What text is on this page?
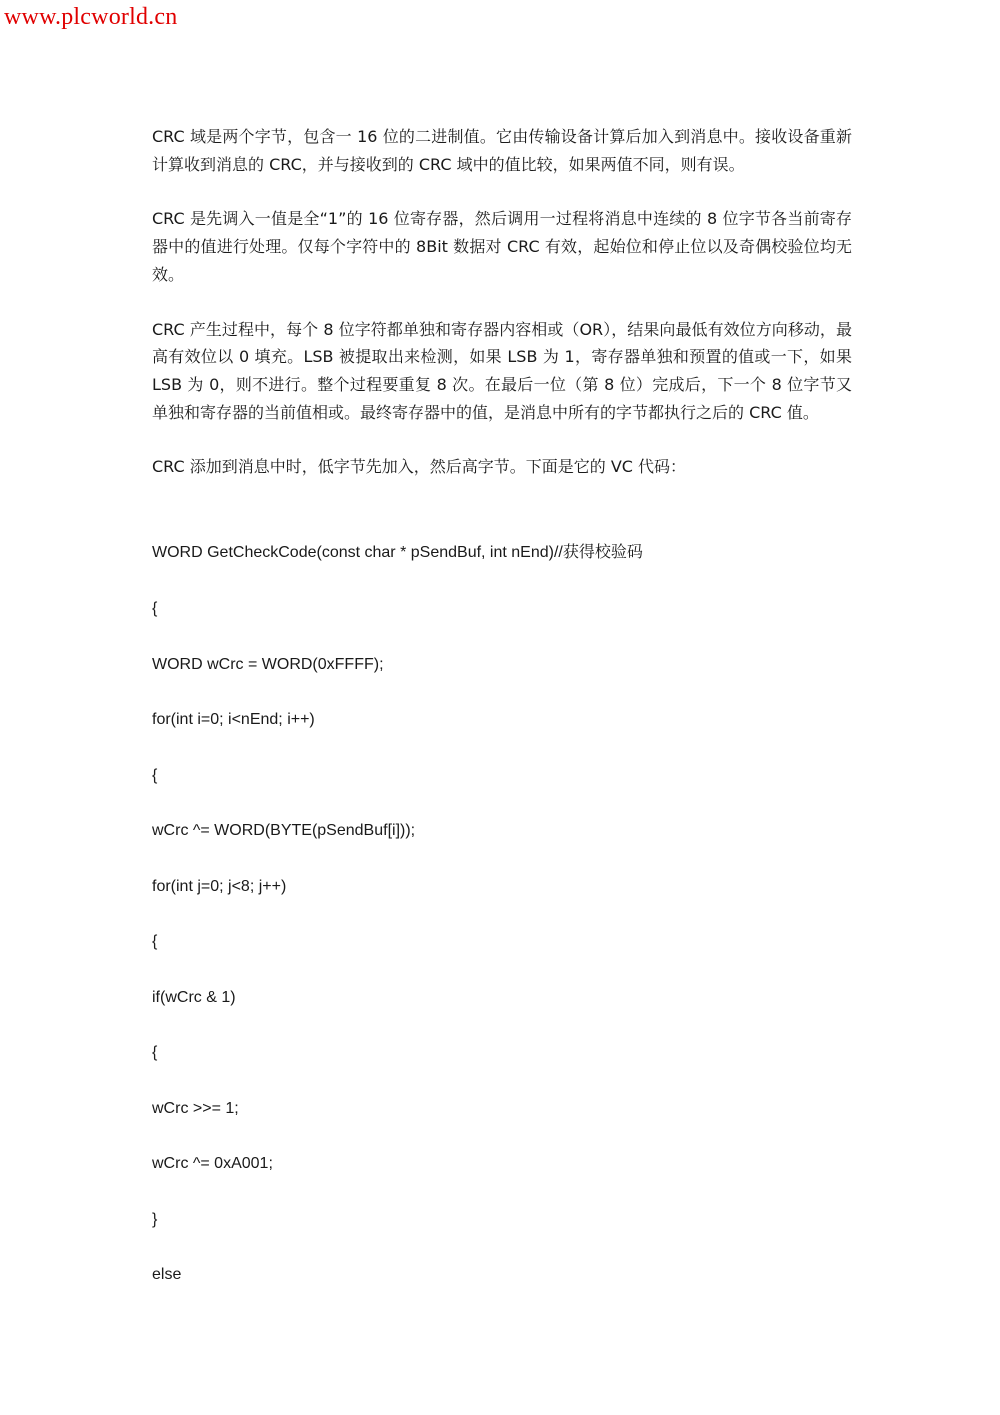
www.plcworld.cn

CRC 域是两个字节，包含一 16 位的二进制值。它由传输设备计算后加入到消息中。接收设备重新计算收到消息的 CRC，并与接收到的 CRC 域中的值比较，如果两值不同，则有误。

CRC 是先调入一值是全“1”的 16 位寄存器，然后调用一过程将消息中连续的 8 位字节各当前寄存器中的值进行处理。仅每个字符中的 8Bit 数据对 CRC 有效，起始位和停止位以及奇偶校验位均无效。

CRC 产生过程中，每个 8 位字符都单独和寄存器内容相或（OR），结果向最低有效位方向移动，最高有效位以 0 填充。LSB 被提取出来检测，如果 LSB 为 1，寄存器单独和预置的值或一下，如果 LSB 为 0，则不进行。整个过程要重复 8 次。在最后一位（第 8 位）完成后，下一个 8 位字节又单独和寄存器的当前值相或。最终寄存器中的值，是消息中所有的字节都执行之后的 CRC 值。

CRC 添加到消息中时，低字节先加入，然后高字节。下面是它的 VC 代码：

WORD GetCheckCode(const char * pSendBuf, int nEnd)//获得校验码
{
WORD wCrc = WORD(0xFFFF);
for(int i=0; i<nEnd; i++)
{
wCrc ^= WORD(BYTE(pSendBuf[i]));
for(int j=0; j<8; j++)
{
if(wCrc & 1)
{
wCrc >>= 1;
wCrc ^= 0xA001;
}
else
